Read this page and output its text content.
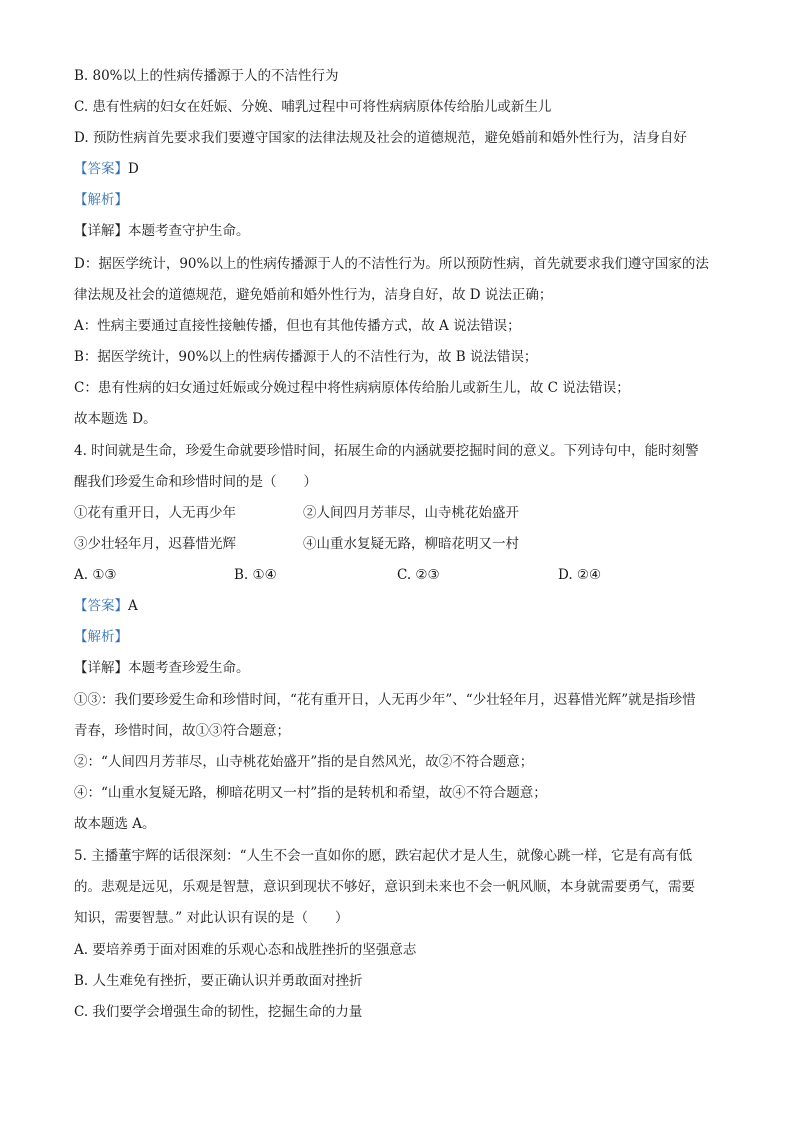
B. 80%以上的性病传播源于人的不洁性行为
C. 患有性病的妇女在妊娠、分娩、哺乳过程中可将性病病原体传给胎儿或新生儿
D. 预防性病首先要求我们要遵守国家的法律法规及社会的道德规范，避免婚前和婚外性行为，洁身自好
【答案】D
【解析】
【详解】本题考查守护生命。
D：据医学统计，90%以上的性病传播源于人的不洁性行为。所以预防性病，首先就要求我们遵守国家的法
律法规及社会的道德规范，避免婚前和婚外性行为，洁身自好，故 D 说法正确；
A：性病主要通过直接性接触传播，但也有其他传播方式，故 A 说法错误；
B：据医学统计，90%以上的性病传播源于人的不洁性行为，故 B 说法错误；
C：患有性病的妇女通过妊娠或分娩过程中将性病病原体传给胎儿或新生儿，故 C 说法错误；
故本题选 D。
4. 时间就是生命，珍爱生命就要珍惜时间，拓展生命的内涵就要挖掘时间的意义。下列诗句中，能时刻警
醒我们珍爱生命和珍惜时间的是（　　）
①花有重开日，人无再少年	②人间四月芳菲尽，山寺桃花始盛开
③少壮轻年月，迟暮惜光辉	④山重水复疑无路，柳暗花明又一村
A. ①③	B. ①④	C. ②③	D. ②④
【答案】A
【解析】
【详解】本题考查珍爱生命。
①③：我们要珍爱生命和珍惜时间，“花有重开日，人无再少年”、“少壮轻年月，迟暮惜光辉”就是指珍惜
青春，珍惜时间，故①③符合题意；
②：“人间四月芳菲尽，山寺桃花始盛开”指的是自然风光，故②不符合题意；
④：“山重水复疑无路，柳暗花明又一村”指的是转机和希望，故④不符合题意；
故本题选 A。
5. 主播董宇辉的话很深刻：“人生不会一直如你的愿，跌宕起伏才是人生，就像心跳一样，它是有高有低
的。悲观是远见，乐观是智慧，意识到现状不够好，意识到未来也不会一帆风顺，本身就需要勇气，需要
知识，需要智慧。” 对此认识有误的是（　　）
A. 要培养勇于面对困难的乐观心态和战胜挫折的坚强意志
B. 人生难免有挫折，要正确认识并勇敢面对挫折
C. 我们要学会增强生命的韧性，挖掘生命的力量
